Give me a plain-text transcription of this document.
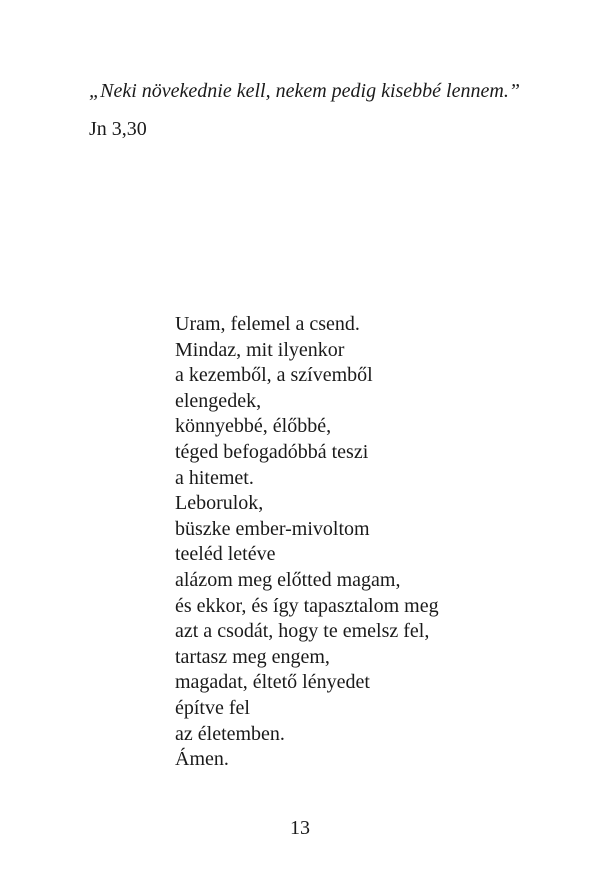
„Neki növekednie kell, nekem pedig kisebbé lennem.”

Jn 3,30
Uram, felemel a csend.
Mindaz, mit ilyenkor
a kezemből, a szívemből
elengedek,
könnyebbé, élőbbé,
téged befogadóbbá teszi
a hitemet.
Leborulok,
büszke ember-mivoltom
teeléd letéve
alázom meg előtted magam,
és ekkor, és így tapasztalom meg
azt a csodát, hogy te emelsz fel,
tartasz meg engem,
magadat, éltető lényedet
építve fel
az életemben.
Ámen.
13
